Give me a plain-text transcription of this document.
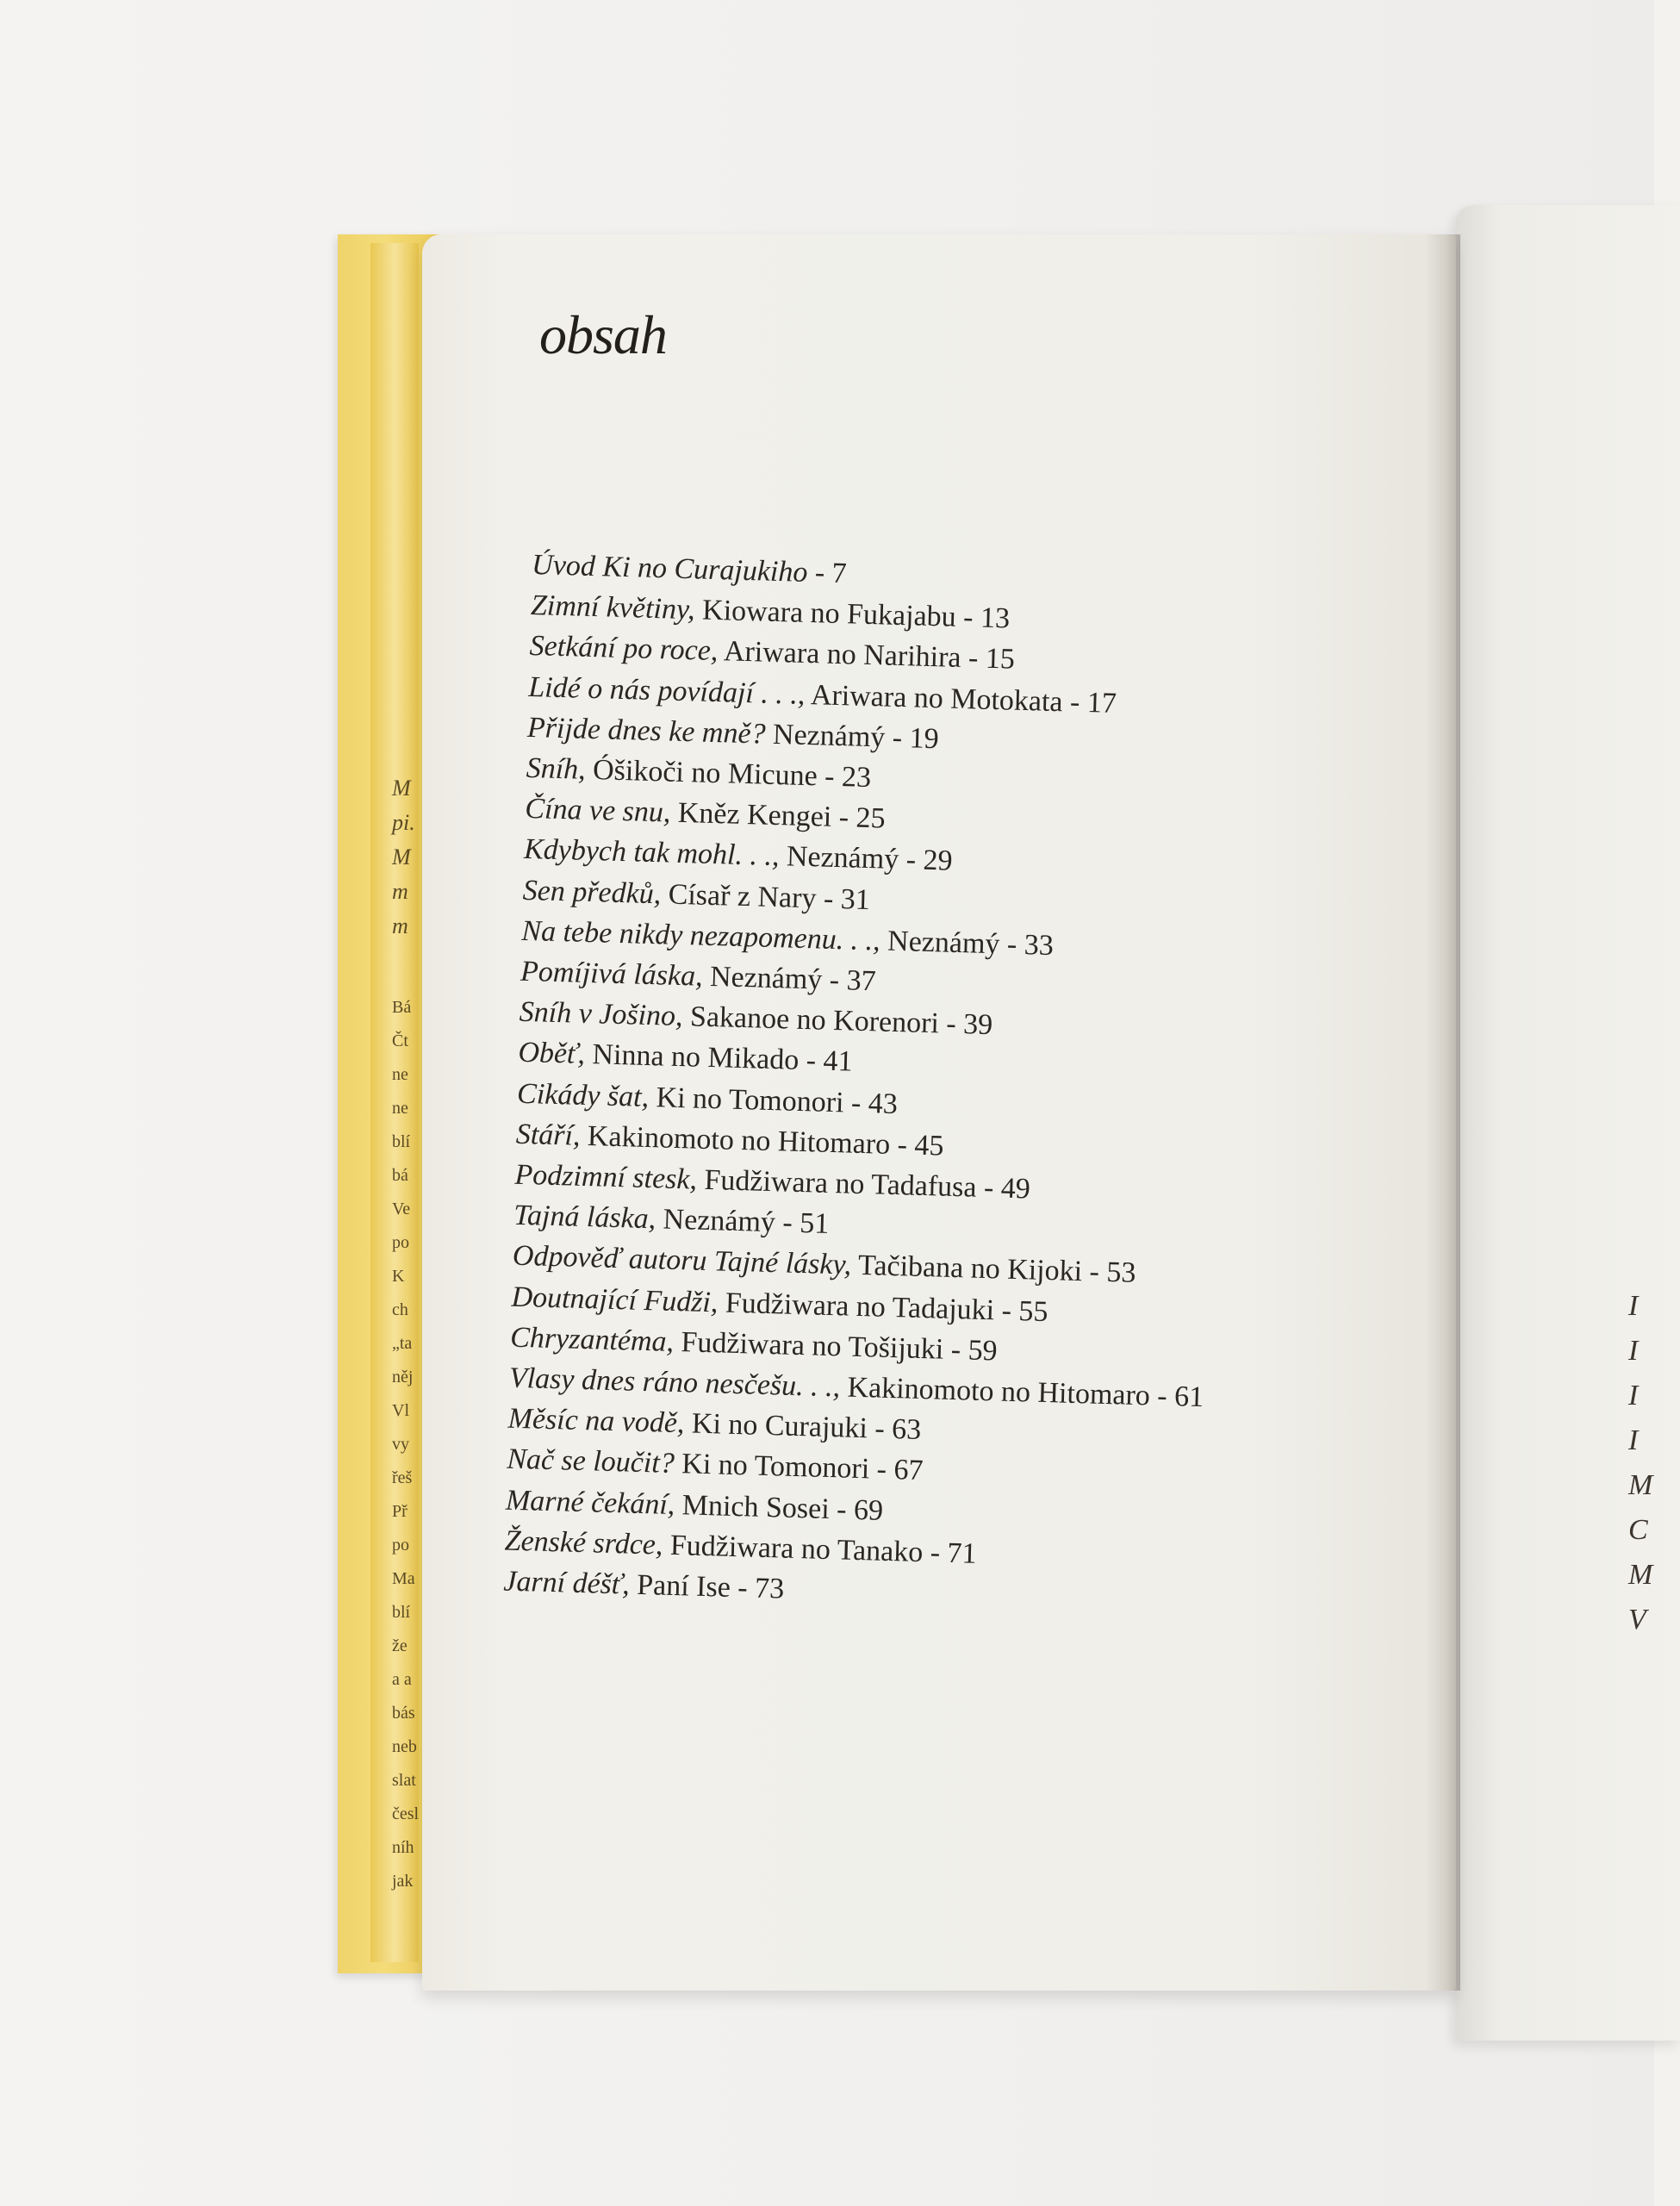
M
pi.
M
m
m
Bá
Čt
ne
ne
blí
bá
Ve
po
K
ch
„ta
něj
Vl
vy
řeš
Př
po
Ma
blí
že
a a
bás
neb
slat
česl
níh
jak
I
I
I
I
M
C
M
V
obsah
Úvod Ki no Curajukiho - 7
Zimní květiny, Kiowara no Fukajabu - 13
Setkání po roce, Ariwara no Narihira - 15
Lidé o nás povídají . . ., Ariwara no Motokata - 17
Přijde dnes ke mně? Neznámý - 19
Sníh, Óšikoči no Micune - 23
Čína ve snu, Kněz Kengei - 25
Kdybych tak mohl. . ., Neznámý - 29
Sen předků, Císař z Nary - 31
Na tebe nikdy nezapomenu. . ., Neznámý - 33
Pomíjivá láska, Neznámý - 37
Sníh v Jošino, Sakanoe no Korenori - 39
Oběť, Ninna no Mikado - 41
Cikády šat, Ki no Tomonori - 43
Stáří, Kakinomoto no Hitomaro - 45
Podzimní stesk, Fudžiwara no Tadafusa - 49
Tajná láska, Neznámý - 51
Odpověď autoru Tajné lásky, Tačibana no Kijoki - 53
Doutnající Fudži, Fudžiwara no Tadajuki - 55
Chryzantéma, Fudžiwara no Tošijuki - 59
Vlasy dnes ráno nesčešu. . ., Kakinomoto no Hitomaro - 61
Měsíc na vodě, Ki no Curajuki - 63
Nač se loučit? Ki no Tomonori - 67
Marné čekání, Mnich Sosei - 69
Ženské srdce, Fudžiwara no Tanako - 71
Jarní déšť, Paní Ise - 73
